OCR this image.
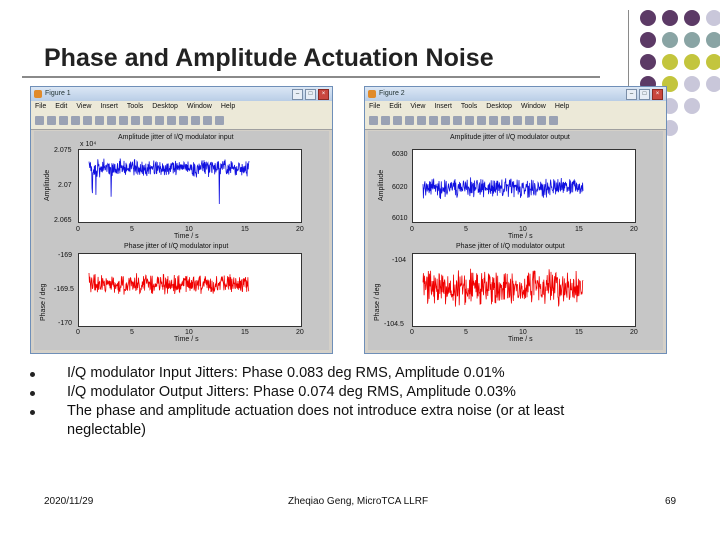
Phase and Amplitude Actuation Noise
Figure 1	–	□	×
File Edit View Insert Tools Desktop Window Help
Amplitude jitter of I/Q modulator input
x 10⁴
2.075
2.07
2.065
Amplitude
0	5	10	15	20
Time / s
Phase jitter of I/Q modulator input
-169
-169.5
-170
Phase / deg
0	5	10	15	20
Time / s
Figure 2	–	□	×
File Edit View Insert Tools Desktop Window Help
Amplitude jitter of I/Q modulator output
6030
6020
6010
Amplitude
0	5	10	15	20
Time / s
Phase jitter of I/Q modulator output
-104
-104.5
Phase / deg
0	5	10	15	20
Time / s
I/Q modulator Input Jitters: Phase 0.083 deg RMS, Amplitude 0.01%
I/Q modulator Output Jitters: Phase 0.074 deg RMS, Amplitude 0.03%
The phase and amplitude actuation does not introduce extra noise (or at least neglectable)
2020/11/29	Zheqiao Geng, MicroTCA LLRF	69
